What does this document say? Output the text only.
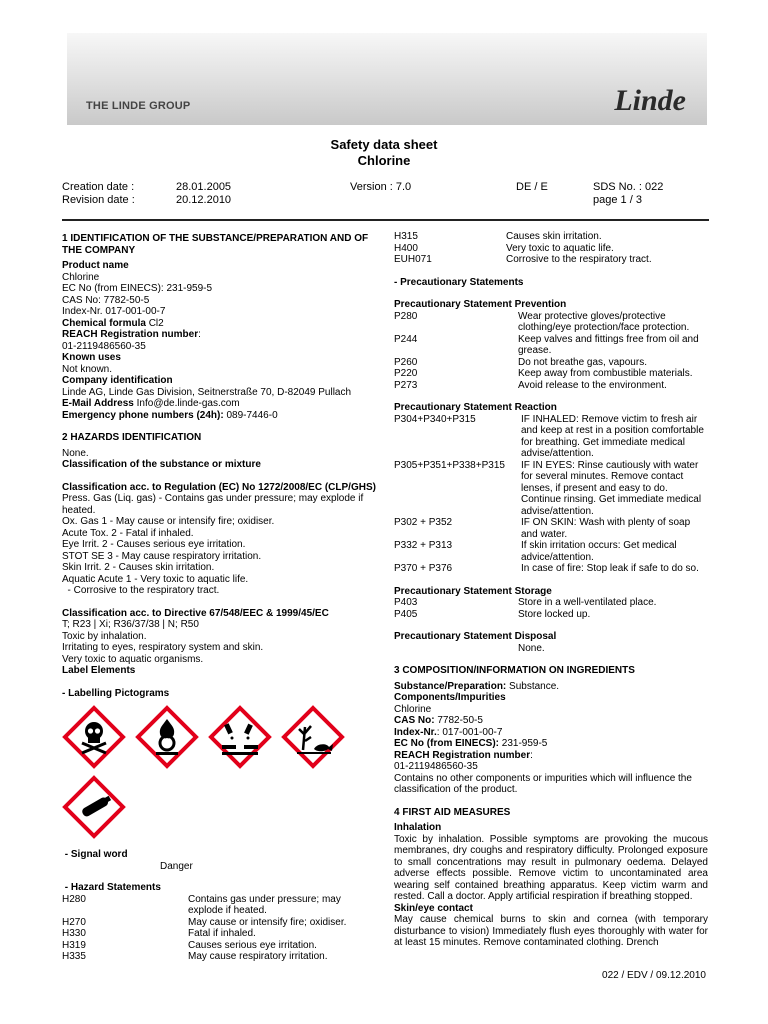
THE LINDE GROUP	Linde
Safety data sheet
Chlorine
Creation date :	28.01.2005	Version : 7.0	DE / E	SDS No. : 022
Revision date :	20.12.2010	page 1 / 3

1 IDENTIFICATION OF THE SUBSTANCE/PREPARATION AND OF THE COMPANY

Product name

Chlorine

EC No (from EINECS): 231-959-5

CAS No: 7782-50-5

Index-Nr. 017-001-00-7

Chemical formula Cl2

REACH Registration number:

01-2119486560-35

Known uses

Not known.

Company identification

Linde AG, Linde Gas Division, Seitnerstraße 70, D-82049 Pullach

E-Mail Address Info@de.linde-gas.com

Emergency phone numbers (24h): 089-7446-0

2 HAZARDS IDENTIFICATION

None.

Classification of the substance or mixture

Classification acc. to Regulation (EC) No 1272/2008/EC (CLP/GHS)

Press. Gas (Liq. gas) - Contains gas under pressure; may explode if heated.

Ox. Gas 1 - May cause or intensify fire; oxidiser.

Acute Tox. 2 - Fatal if inhaled.

Eye Irrit. 2 - Causes serious eye irritation.

STOT SE 3 - May cause respiratory irritation.

Skin Irrit. 2 - Causes skin irritation.

Aquatic Acute 1 - Very toxic to aquatic life.

- Corrosive to the respiratory tract.

Classification acc. to Directive 67/548/EEC & 1999/45/EC

T; R23 | Xi; R36/37/38 | N; R50

Toxic by inhalation.

Irritating to eyes, respiratory system and skin.

Very toxic to aquatic organisms.

Label Elements

- Labelling Pictograms

- Signal word

Danger

- Hazard Statements

H280	Contains gas under pressure; may explode if heated.
H270	May cause or intensify fire; oxidiser.
H330	Fatal if inhaled.
H319	Causes serious eye irritation.
H335	May cause respiratory irritation.
H315	Causes skin irritation.
H400	Very toxic to aquatic life.
EUH071	Corrosive to the respiratory tract.

- Precautionary Statements

Precautionary Statement Prevention

P280	Wear protective gloves/protective clothing/eye protection/face protection.
P244	Keep valves and fittings free from oil and grease.
P260	Do not breathe gas, vapours.
P220	Keep away from combustible materials.
P273	Avoid release to the environment.

Precautionary Statement Reaction

P304+P340+P315	IF INHALED: Remove victim to fresh air and keep at rest in a position comfortable for breathing. Get immediate medical advise/attention.
P305+P351+P338+P315	IF IN EYES: Rinse cautiously with water for several minutes. Remove contact lenses, if present and easy to do. Continue rinsing. Get immediate medical advise/attention.
P302 + P352	IF ON SKIN: Wash with plenty of soap and water.
P332 + P313	If skin irritation occurs: Get medical advice/attention.
P370 + P376	In case of fire: Stop leak if safe to do so.

Precautionary Statement Storage

P403	Store in a well-ventilated place.
P405	Store locked up.

Precautionary Statement Disposal

None.

3 COMPOSITION/INFORMATION ON INGREDIENTS

Substance/Preparation: Substance.

Components/Impurities

Chlorine

CAS No: 7782-50-5

Index-Nr.: 017-001-00-7

EC No (from EINECS): 231-959-5

REACH Registration number:

01-2119486560-35

Contains no other components or impurities which will influence the classification of the product.

4 FIRST AID MEASURES

Inhalation

Toxic by inhalation. Possible symptoms are provoking the mucous membranes, dry coughs and respiratory difficulty. Prolonged exposure to small concentrations may result in pulmonary oedema. Delayed adverse effects possible. Remove victim to uncontaminated area wearing self contained breathing apparatus. Keep victim warm and rested. Call a doctor. Apply artificial respiration if breathing stopped.

Skin/eye contact

May cause chemical burns to skin and cornea (with temporary disturbance to vision) Immediately flush eyes thoroughly with water for at least 15 minutes. Remove contaminated clothing. Drench

022 / EDV / 09.12.2010
